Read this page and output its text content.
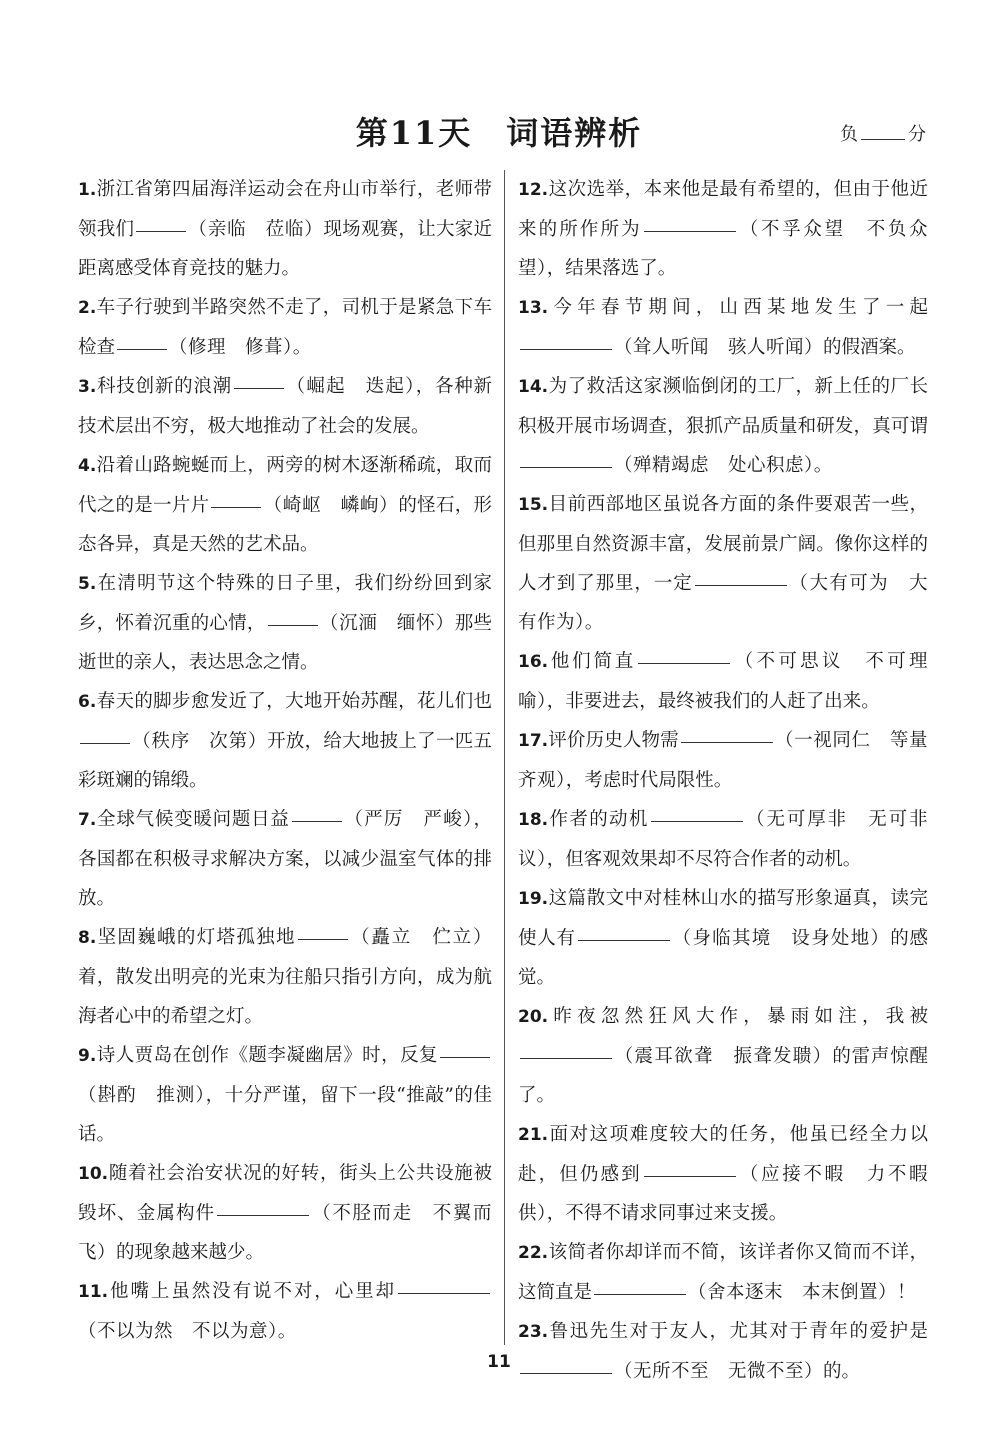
第11天　词语辨析	负	分
1.浙江省第四届海洋运动会在舟山市举行，老师带领我们	（亲临　莅临）现场观赛，让大家近距离感受体育竞技的魅力。
2.车子行驶到半路突然不走了，司机于是紧急下车检查	（修理　修葺）。
3.科技创新的浪潮	（崛起　迭起），各种新技术层出不穷，极大地推动了社会的发展。
4.沿着山路蜿蜒而上，两旁的树木逐渐稀疏，取而代之的是一片片	（崎岖　嶙峋）的怪石，形态各异，真是天然的艺术品。
5.在清明节这个特殊的日子里，我们纷纷回到家乡，怀着沉重的心情，	（沉湎　缅怀）那些逝世的亲人，表达思念之情。
6.春天的脚步愈发近了，大地开始苏醒，花儿们也（秩序　次第）开放，给大地披上了一匹五彩斑斓的锦缎。
7.全球气候变暖问题日益	（严厉　严峻），各国都在积极寻求解决方案，以减少温室气体的排放。
8.坚固巍峨的灯塔孤独地	（矗立　伫立）着，散发出明亮的光束为往船只指引方向，成为航海者心中的希望之灯。
9.诗人贾岛在创作《题李凝幽居》时，反复（斟酌　推测），十分严谨，留下一段“推敲”的佳话。
10.随着社会治安状况的好转，街头上公共设施被毁坏、金属构件	（不胫而走　不翼而飞）的现象越来越少。
11.他嘴上虽然没有说不对，心里却（不以为然　不以为意）。
12.这次选举，本来他是最有希望的，但由于他近来的所作所为	（不孚众望　不负众望），结果落选了。
13.今年春节期间，山西某地发生了一起（耸人听闻　骇人听闻）的假酒案。
14.为了救活这家濒临倒闭的工厂，新上任的厂长积极开展市场调查，狠抓产品质量和研发，真可谓（殚精竭虑　处心积虑）。
15.目前西部地区虽说各方面的条件要艰苦一些，但那里自然资源丰富，发展前景广阔。像你这样的人才到了那里，一定	（大有可为　大有作为）。
16.他们简直	（不可思议　不可理喻），非要进去，最终被我们的人赶了出来。
17.评价历史人物需	（一视同仁　等量齐观），考虑时代局限性。
18.作者的动机	（无可厚非　无可非议），但客观效果却不尽符合作者的动机。
19.这篇散文中对桂林山水的描写形象逼真，读完使人有	（身临其境　设身处地）的感觉。
20.昨夜忽然狂风大作，暴雨如注，我被（震耳欲聋　振聋发聩）的雷声惊醒了。
21.面对这项难度较大的任务，他虽已经全力以赴，但仍感到	（应接不暇　力不暇供），不得不请求同事过来支援。
22.该简者你却详而不简，该详者你又简而不详，这简直是	（舍本逐末　本末倒置）！
23.鲁迅先生对于友人，尤其对于青年的爱护是（无所不至　无微不至）的。
11
